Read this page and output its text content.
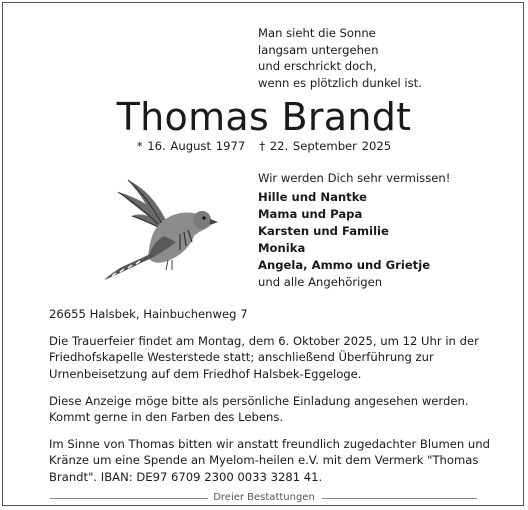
Man sieht die Sonne
langsam untergehen
und erschrickt doch,
wenn es plötzlich dunkel ist.
Thomas Brandt
* 16. August 1977 † 22. September 2025
Wir werden Dich sehr vermissen!
Hille und Nantke
Mama und Papa
Karsten und Familie
Monika
Angela, Ammo und Grietje
und alle Angehörigen

26655 Halsbek, Hainbuchenweg 7

Die Trauerfeier findet am Montag, dem 6. Oktober 2025, um 12 Uhr in der Friedhofskapelle Westerstede statt; anschließend Überführung zur Urnenbeisetzung auf dem Friedhof Halsbek-Eggeloge.

Diese Anzeige möge bitte als persönliche Einladung angesehen werden. Kommt gerne in den Farben des Lebens.

Im Sinne von Thomas bitten wir anstatt freundlich zugedachter Blumen und Kränze um eine Spende an Myelom-heilen e.V. mit dem Vermerk "Thomas Brandt". IBAN: DE97 6709 2300 0033 3281 41.

Dreier Bestattungen
